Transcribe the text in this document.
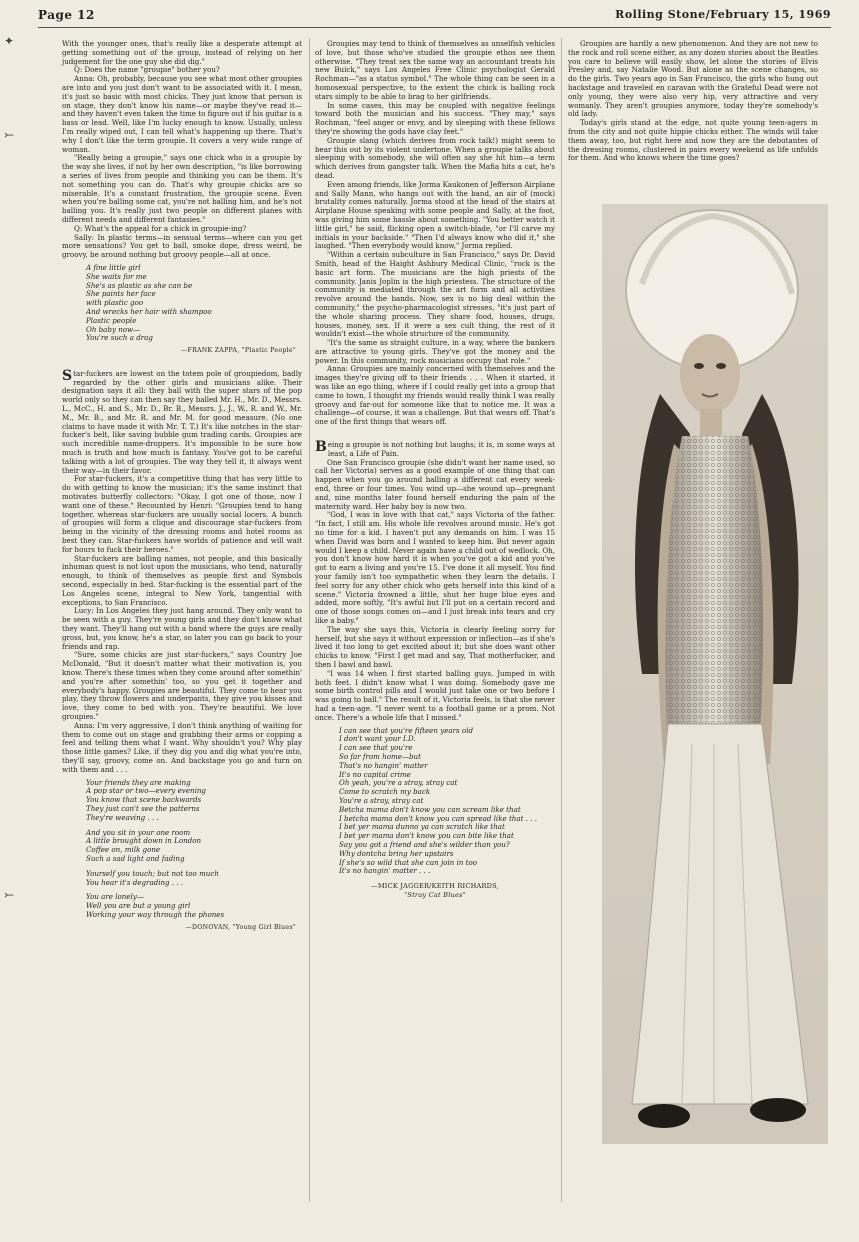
Page 12	Rolling Stone/February 15, 1969
✦
⤚
⤚

With the younger ones, that's really like a desperate attempt at getting something out of the group, instead of relying on her judgement for the one guy she did dig."

Q: Does the name "groupie" bother you?

Anna: Oh, probably, because you see what most other groupies are into and you just don't want to be associated with it. I mean, it's just so basic with most chicks. They just know that person is on stage, they don't know his name—or maybe they've read it—and they haven't even taken the time to figure out if his guitar is a bass or lead. Well, like I'm lucky enough to know. Usually, unless I'm really wiped out, I can tell what's happening up there. That's why I don't like the term groupie. It covers a very wide range of woman.

"Really being a groupie," says one chick who is a groupie by the way she lives, if not by her own description, "is like borrowing a series of lives from people and thinking you can be them. It's not something you can do. That's why groupie chicks are so miserable. It's a constant frustration, the groupie scene. Even when you're balling some cat, you're not balling him, and he's not balling you. It's really just two people on different planes with different needs and different fantasies."

Q: What's the appeal for a chick in groupie-ing?

Sally: In plastic terms—in sensual terms—where can you get more sensations? You get to ball, smoke dope, dress weird, be groovy, be around nothing but groovy people—all at once.

A fine little girl
She waits for me
She's as plastic as she can be
She paints her face
with plastic goo
And wrecks her hair with shampoo
Plastic people
Oh baby now—
You're such a drag
—FRANK ZAPPA, "Plastic People"

Star-fuckers are lowest on the totem pole of groupiedom, badly regarded by the other girls and musicians alike. Their designation says it all: they ball with the super stars of the pop world only so they can then say they balled Mr. H., Mr. D., Messrs. L., McC., H. and S., Mr. D., Br. B., Messrs. J., J., W., R. and W., Mr. M., Mr. B., and Mr. R. and Mr. M. for good measure. (No one claims to have made it with Mr. T. T.) It's like notches in the star-fucker's belt, like saving bubble gum trading cards. Groupies are such incredible name-droppers. It's impossible to be sure how much is truth and how much is fantasy. You've got to be careful talking with a lot of groupies. The way they tell it, it always went their way—in their favor.

For star-fuckers, it's a competitive thing that has very little to do with getting to know the musician; it's the same instinct that motivates butterfly collectors: "Okay, I got one of those, now I want one of these." Recounted by Henri: "Groupies tend to hang together, whereas star-fuckers are usually social locers. A bunch of groupies will form a clique and discourage star-fuckers from being in the vicinity of the dressing rooms and hotel rooms as best they can. Star-fuckers have worlds of patience and will wait for hours to fuck their heroes."

Star-fuckers are balling names, not people, and this basically inhuman quest is not lost upon the musicians, who tend, naturally enough, to think of themselves as people first and Symbols second, especially in bed. Star-fucking is the essential part of the Los Angeles scene, integral to New York, tangential with exceptions, to San Francisco.

Lucy: In Los Angeles they just hang around. They only want to be seen with a guy. They're young girls and they don't know what they want. They'll hang out with a band where the guys are really gross, but, you know, he's a star, so later you can go back to your friends and rap.

"Sure, some chicks are just star-fuckers," says Country Joe McDonald, "But it doesn't matter what their motivation is, you know. There's these times when they come around after somethin' and you're after somethin' too, so you get it together and everybody's happy. Groupies are beautiful. They come to hear you play, they throw flowers and underpants, they give you kisses and love, they come to bed with you. They're beautiful. We love groupies."

Anna: I'm very aggressive, I don't think anything of waiting for them to come out on stage and grabbing their arms or copping a feel and telling them what I want. Why shouldn't you? Why play those little games? Like, if they dig you and dig what you're into, they'll say, groovy, come on. And backstage you go and turn on with them and . . .

Your friends they are making
A pop star or two—every evening
You know that scene backwards
They just can't see the patterns
They're weaving . . .
And you sit in your one room
A little brought down in London
Coffee on, milk gone
Such a sad light and fading
Yourself you touch; but not too much
You hear it's degrading . . .
You are lonely—
Well you are but a young girl
Working your way through the phones
—DONOVAN, "Young Girl Blues"

Groupies may tend to think of themselves as unselfish vehicles of love, but those who've studied the groupie ethos see them otherwise. "They treat sex the same way an accountant treats his new Buick," says Los Angeles Free Clinic psychologist Gerald Rochman—"as a status symbol." The whole thing can be seen in a homosexual perspective, to the extent the chick is balling rock stars simply to be able to brag to her girlfriends.

In some cases, this may be coupled with negative feelings toward both the musician and his success. "They may," says Rochman, "feel anger or envy, and by sleeping with these fellows they're showing the gods have clay feet."

Groupie slang (which derives from rock talk!) might seem to bear this out by its violent undertone. When a groupie talks about sleeping with somebody, she will often say she hit him—a term which derives from gangster talk. When the Mafia hits a cat, he's dead.

Even among friends, like Jorma Kaukonen of Jefferson Airplane and Sally Mann, who hangs out with the band, an air of (mock) brutality comes naturally. Jorma stood at the head of the stairs at Airplane House speaking with some people and Sally, at the foot, was giving him some hassle about something. "You better watch it little girl," he said, flicking open a switch-blade, "or I'll carve my initials in your backside." "Then I'd always know who did it," she laughed. "Then everybody would know," Jorma replied.

"Within a certain subculture in San Francisco," says Dr. David Smith, head of the Haight Ashbury Medical Clinic, "rock is the basic art form. The musicians are the high priests of the community. Janis Joplin is the high priestess. The structure of the community is mediated through the art form and all activities revolve around the bands. Now, sex is no big deal within the community," the psycho-pharmacologist stresses, "it's just part of the whole sharing process. They share food, houses, drugs, houses, money, sex. If it were a sex cult thing, the rest of it wouldn't exist—the whole structure of the community.

"It's the same as straight culture, in a way, where the bankers are attractive to young girls. They've got the money and the power. In this community, rock musicians occupy that role."

Anna: Groupies are mainly concerned with themselves and the images they're giving off to their friends . . . When it started, it was like an ego thing, where if I could really get into a group that came to town, I thought my friends would really think I was really groovy and far-out for someone like that to notice me. It was a challenge—of course, it was a challenge. But that wears off. That's one of the first things that wears off.

Being a groupie is not nothing but laughs; it is, in some ways at least, a Life of Pain.

One San Francisco groupie (she didn't want her name used, so call her Victoria) serves as a good example of one thing that can happen when you go around balling a different cat every week-end, three or four times. You wind up—she wound up—pregnant and, nine months later found herself enduring the pain of the maternity ward. Her baby boy is now two.

"God, I was in love with that cat," says Victoria of the father. "In fact, I still am. His whole life revolves around music. He's got no time for a kid. I haven't put any demands on him. I was 15 when David was born and I wanted to keep him. But never again would I keep a child. Never again have a child out of wedlock. Oh, you don't know how hard it is when you've got a kid and you've got to earn a living and you're 15. I've done it all myself. You find your family isn't too sympathetic when they learn the details. I feel sorry for any other chick who gets herself into this kind of a scene." Victoria frowned a little, shut her huge blue eyes and added, more softly, "It's awful but I'll put on a certain record and one of those songs comes on—and I just break into tears and cry like a baby."

The way she says this, Victoria is clearly feeling sorry for herself, but she says it without expression or inflection—as if she's lived it too long to get excited about it; but she does want other chicks to know. "First I get mad and say, That motherfucker, and then I bawl and bawl.

"I was 14 when I first started balling guys. Jumped in with both feet. I didn't know what I was doing. Somebody gave me some birth control pills and I would just take one or two before I was going to ball." The result of it, Victoria feels, is that she never had a teen-age. "I never went to a football game or a prom. Not once. There's a whole life that I missed."

I can see that you're fifteen years old
I don't want your I.D.
I can see that you're
So far from home—but
That's no hangin' matter
It's no capital crime
Oh yeah, you're a stray, stray cat
Come to scratch my back
You're a stray, stray cat
Betcha mama don't know you can scream like that
I betcha mama don't know you can spread like that . . .
I bet yer mama dunno ya can scratch like that
I bet yer mama don't know you can bite like that
Say you got a friend and she's wilder than you?
Why dontcha bring her upstairs
If she's so wild that she can join in too
It's no hangin' matter . . .
—MICK JAGGER/KEITH RICHARDS,
"Stray Cat Blues"

Groupies are hardly a new phenomenon. And they are not new to the rock and roll scene either, as any dozen stories about the Beatles you care to believe will easily show, let alone the stories of Elvis Presley and, say Natalie Wood. But alone as the scene changes, so do the girls. Two years ago in San Francisco, the girls who hung out backstage and traveled en caravan with the Grateful Dead were not only young, they were also very hip, very attractive and very womanly. They aren't groupies anymore, today they're somebody's old lady.

Today's girls stand at the edge, not quite young teen-agers in from the city and not quite hippie chicks either. The winds will take them away, too, but right here and now they are the debutantes of the dressing rooms, clustered in pairs every weekend as life unfolds for them. And who knows where the time goes?
